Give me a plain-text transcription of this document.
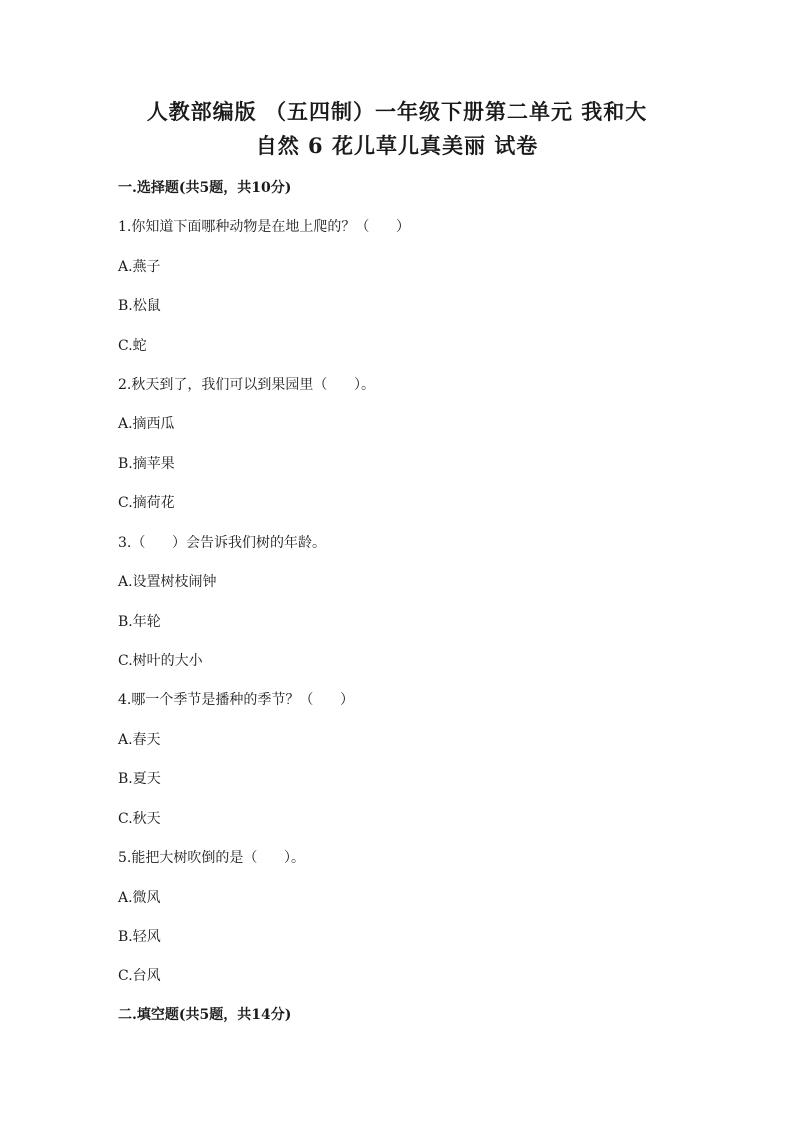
人教部编版 （五四制）一年级下册第二单元 我和大
自然 6 花儿草儿真美丽 试卷
一.选择题(共5题，共10分)
1.你知道下面哪种动物是在地上爬的？（      ）
A.燕子
B.松鼠
C.蛇
2.秋天到了，我们可以到果园里（      ）。
A.摘西瓜
B.摘苹果
C.摘荷花
3.（      ）会告诉我们树的年龄。
A.设置树枝闹钟
B.年轮
C.树叶的大小
4.哪一个季节是播种的季节？（      ）
A.春天
B.夏天
C.秋天
5.能把大树吹倒的是（      ）。
A.微风
B.轻风
C.台风
二.填空题(共5题，共14分)
